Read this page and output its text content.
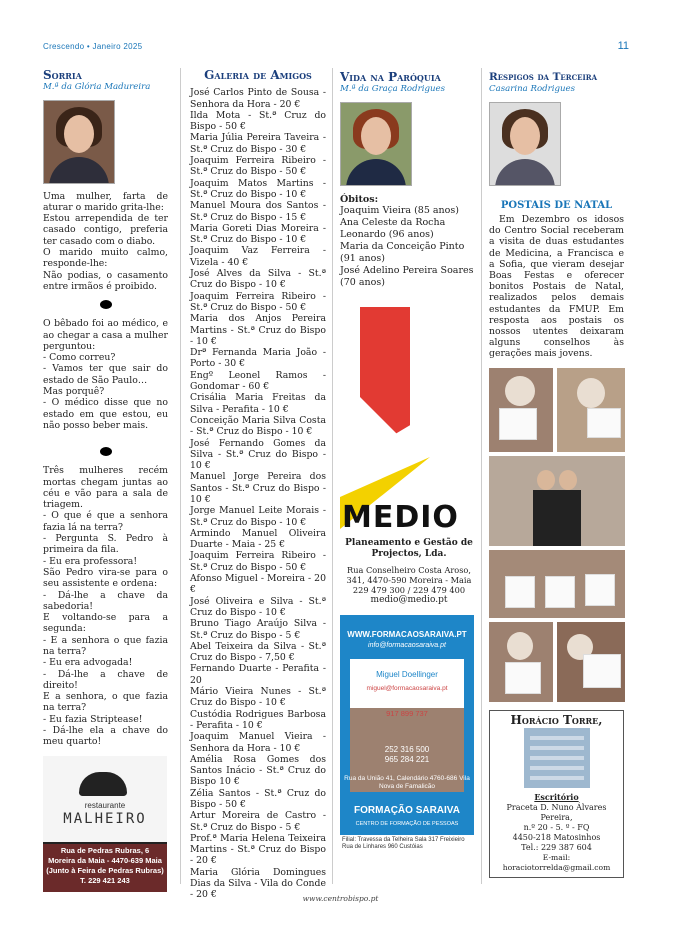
Crescendo • Janeiro 2025	11
Sorria
M.ª da Glória Madureira

Uma mulher, farta de aturar o marido grita-lhe:

Estou arrependida de ter casado contigo, preferia ter casado com o diabo.

O marido muito calmo, responde-lhe:

Não podias, o casamento entre irmãos é proibido.

O bêbado foi ao médico, e ao chegar a casa a mulher perguntou:

- Como correu?

- Vamos ter que sair do estado de São Paulo…

Mas porquê?

- O médico disse que no estado em que estou, eu não posso beber mais.

Três mulheres recém mortas chegam juntas ao céu e vão para a sala de triagem.

- O que é que a senhora fazia lá na terra?

- Pergunta S. Pedro à primeira da fila.

- Eu era professora!

São Pedro vira-se para o seu assistente e ordena:

- Dá-lhe a chave da sabedoria!

E voltando-se para a segunda:

- E a senhora o que fazia na terra?

- Eu era advogada!

- Dá-lhe a chave de direito!

E a senhora, o que fazia na terra?

- Eu fazia Striptease!

- Dá-lhe ela a chave do meu quarto!

restaurante
MALHEIRO
Rua de Pedras Rubras, 6
Moreira da Maia - 4470-639 Maia
(Junto à Feira de Pedras Rubras)
T. 229 421 243
Galeria de Amigos

José Carlos Pinto de Sousa - Senhora da Hora - 20 €

Ilda Mota - St.ª Cruz do Bispo - 50 €

Maria Júlia Pereira Taveira - St.ª Cruz do Bispo - 30 €

Joaquim Ferreira Ribeiro - St.ª Cruz do Bispo - 50 €

Joaquim Matos Martins - St.ª Cruz do Bispo - 10 €

Manuel Moura dos Santos - St.ª Cruz do Bispo - 15 €

Maria Goreti Dias Moreira - St.ª Cruz do Bispo - 10 €

Joaquim Vaz Ferreira - Vizela - 40 €

José Alves da Silva - St.ª Cruz do Bispo - 10 €

Joaquim Ferreira Ribeiro - St.ª Cruz do Bispo - 50 €

Maria dos Anjos Pereira Martins - St.ª Cruz do Bispo - 10 €

Drª Fernanda Maria João - Porto - 30 €

Engº Leonel Ramos - Gondomar - 60 €

Crisália Maria Freitas da Silva - Perafita - 10 €

Conceição Maria Silva Costa - St.ª Cruz do Bispo - 10 €

José Fernando Gomes da Silva - St.ª Cruz do Bispo - 10 €

Manuel Jorge Pereira dos Santos - St.ª Cruz do Bispo - 10 €

Jorge Manuel Leite Morais - St.ª Cruz do Bispo - 10 €

Armindo Manuel Oliveira Duarte - Maia - 25 €

Joaquim Ferreira Ribeiro - St.ª Cruz do Bispo - 50 €

Afonso Miguel - Moreira - 20 €

José Oliveira e Silva - St.ª Cruz do Bispo - 10 €

Bruno Tiago Araújo Silva - St.ª Cruz do Bispo - 5 €

Abel Teixeira da Silva - St.ª Cruz do Bispo - 7,50 €

Fernando Duarte - Perafita - 20

Mário Vieira Nunes - St.ª Cruz do Bispo - 10 €

Custódia Rodrigues Barbosa - Perafita - 10 €

Joaquim Manuel Vieira - Senhora da Hora - 10 €

Amélia Rosa Gomes dos Santos Inácio - St.ª Cruz do Bispo 10 €

Zélia Santos - St.ª Cruz do Bispo - 50 €

Artur Moreira de Castro - St.ª Cruz do Bispo - 5 €

Prof.ª Maria Helena Teixeira Martins - St.ª Cruz do Bispo - 20 €

Maria Glória Domingues Dias da Silva - Vila do Conde - 20 €

Vida na Paróquia
M.ª da Graça Rodrigues
Óbitos:

Joaquim Vieira (85 anos)

Ana Celeste da Rocha Leonardo (96 anos)

Maria da Conceição Pinto (91 anos)

José Adelino Pereira Soares (70 anos)

MEDIO
Planeamento e Gestão de Projectos, Lda.
Rua Conselheiro Costa Aroso, 341, 4470-590 Moreira - Maia
229 479 300 / 229 479 400
medio@medio.pt
WWW.FORMACAOSARAIVA.PT
info@formacaosaraiva.pt
Miguel Doellinger
miguel@formacaosaraiva.pt
917 899 737
252 316 500
965 284 221
Rua da União 41, Calendário 4760-686 Vila Nova de Famalicão
FORMAÇÃO SARAIVA
CENTRO DE FORMAÇÃO DE PESSOAS
Filial: Travessa da Telheira Sala 317 Freixieiro Rua de Linhares 960 Custóias
Respigos da Terceira
Casarina Rodrigues
POSTAIS DE NATAL

Em Dezembro os idosos do Centro Social receberam a visita de duas estudantes de Medicina, a Francisca e a Sofia, que vieram desejar Boas Festas e oferecer bonitos Postais de Natal, realizados pelos demais estudantes da FMUP. Em resposta aos postais os nossos utentes deixaram alguns conselhos às gerações mais jovens.

Horácio Torre,
Escritório
Praceta D. Nuno Álvares Pereira,
n.º 20 - 5. º - FQ
4450-218 Matosinhos
Tel.: 229 387 604
E-mail: horaciotorrelda@gmail.com
www.centrobispo.pt
